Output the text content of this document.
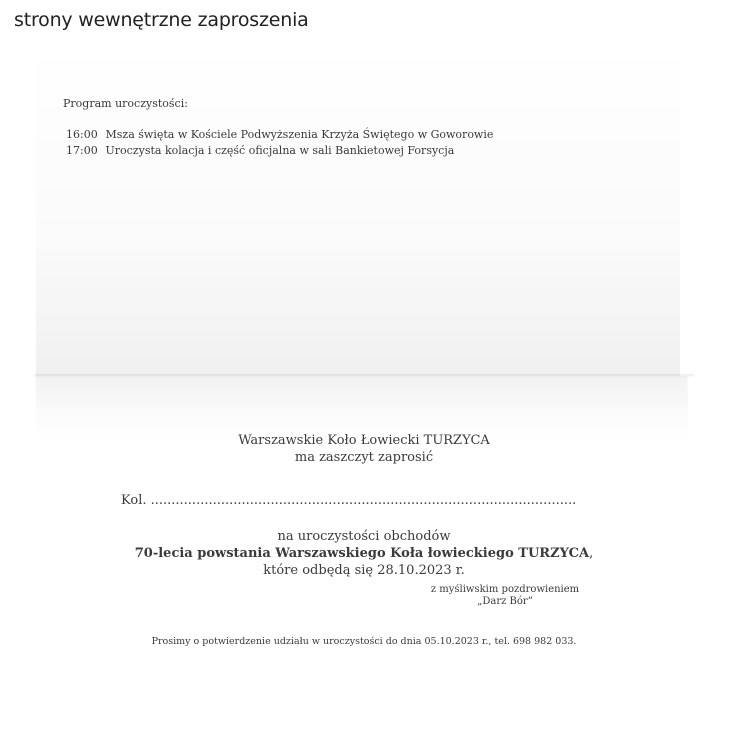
strony wewnętrzne zaproszenia
Program uroczystości:
16:00 Msza święta w Kościele Podwyższenia Krzyża Świętego w Goworowie
17:00 Uroczysta kolacja i część oficjalna w sali Bankietowej Forsycja
Warszawskie Koło Łowiecki TURZYCA
ma zaszczyt zaprosić
Kol. .......................................................................................................
na uroczystości obchodów
70-lecia powstania Warszawskiego Koła łowieckiego TURZYCA,
które odbędą się 28.10.2023 r.
z myśliwskim pozdrowieniem
„Darz Bór”
Prosimy o potwierdzenie udziału w uroczystości do dnia 05.10.2023 r., tel. 698 982 033.
